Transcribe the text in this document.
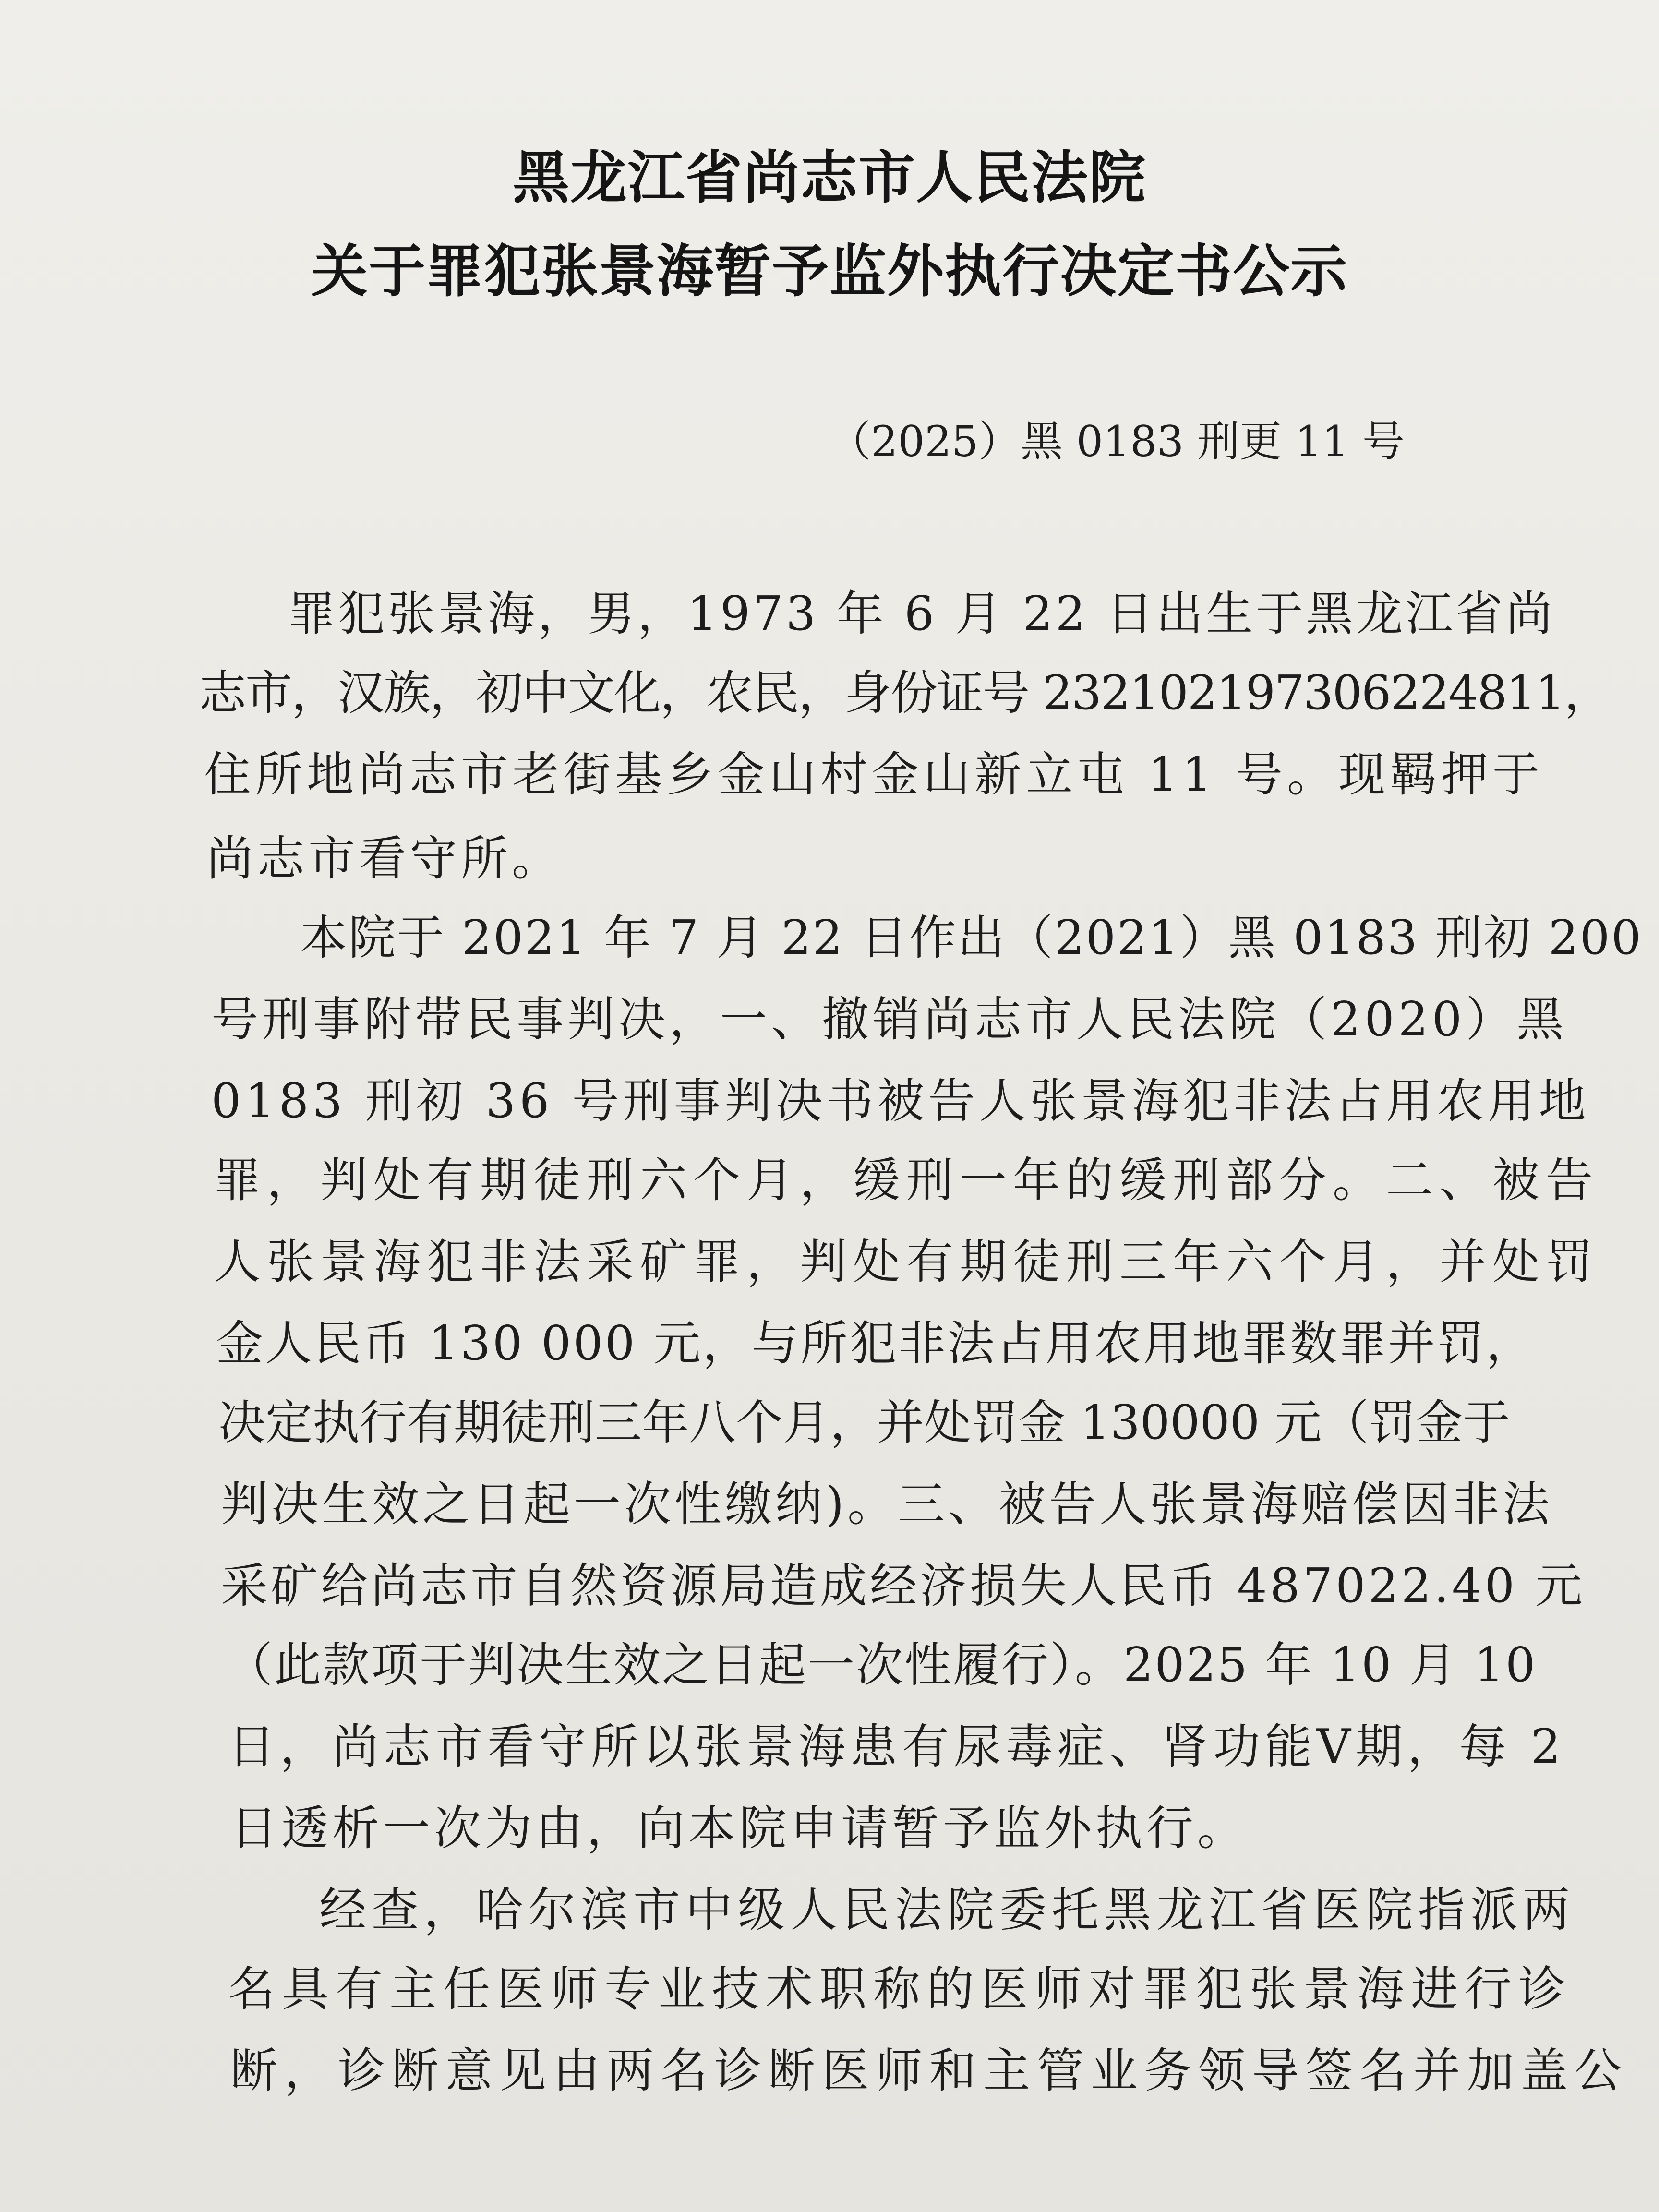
黑龙江省尚志市人民法院
关于罪犯张景海暂予监外执行决定书公示
（2025）黑 0183 刑更 11 号
罪犯张景海，男，1973 年 6 月 22 日出生于黑龙江省尚
志市，汉族，初中文化，农民，身份证号 232102197306224811，
住所地尚志市老街基乡金山村金山新立屯 11 号。现羁押于
尚志市看守所。
本院于 2021 年 7 月 22 日作出（2021）黑 0183 刑初 200
号刑事附带民事判决，一、撤销尚志市人民法院（2020）黑
0183 刑初 36 号刑事判决书被告人张景海犯非法占用农用地
罪，判处有期徒刑六个月，缓刑一年的缓刑部分。二、被告
人张景海犯非法采矿罪，判处有期徒刑三年六个月，并处罚
金人民币 130 000 元，与所犯非法占用农用地罪数罪并罚，
决定执行有期徒刑三年八个月，并处罚金 130000 元（罚金于
判决生效之日起一次性缴纳)。三、被告人张景海赔偿因非法
采矿给尚志市自然资源局造成经济损失人民币 487022.40 元
（此款项于判决生效之日起一次性履行）。2025 年 10 月 10
日，尚志市看守所以张景海患有尿毒症、肾功能Ⅴ期，每 2
日透析一次为由，向本院申请暂予监外执行。
经查，哈尔滨市中级人民法院委托黑龙江省医院指派两
名具有主任医师专业技术职称的医师对罪犯张景海进行诊
断，诊断意见由两名诊断医师和主管业务领导签名并加盖公
